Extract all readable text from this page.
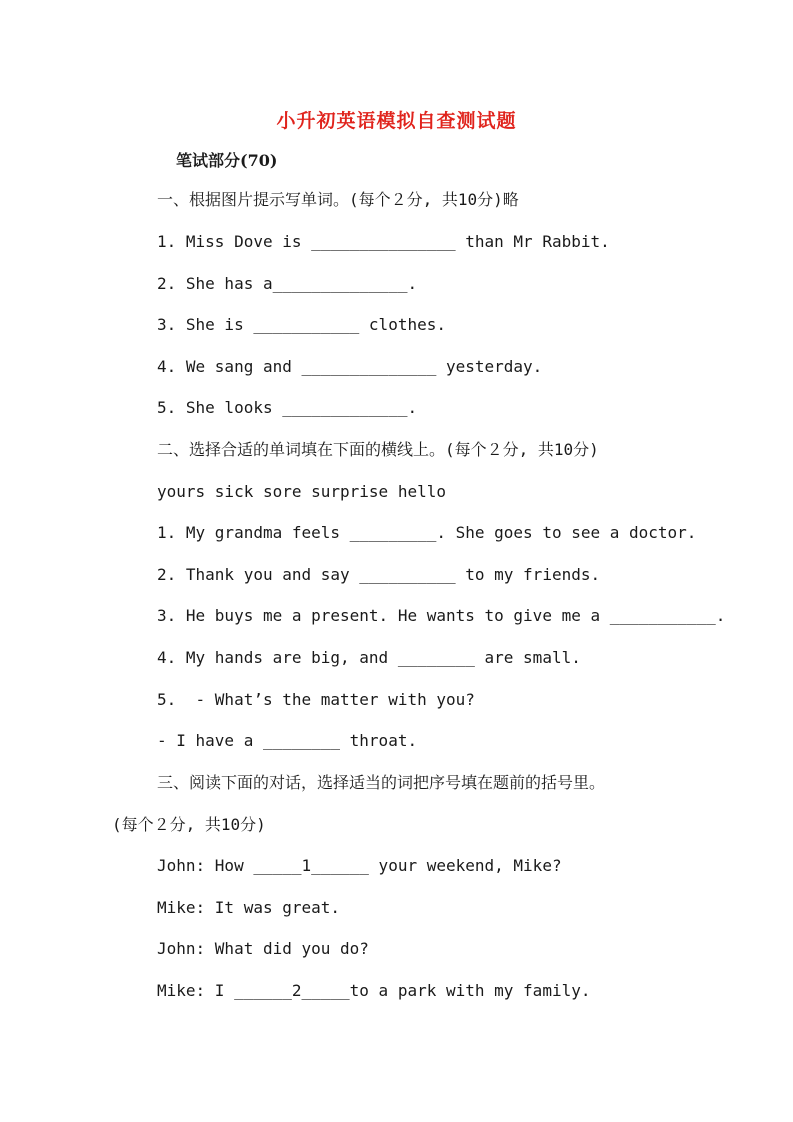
小升初英语模拟自查测试题
笔试部分(70)
一、根据图片提示写单词。(每个２分, 共10分)略
1. Miss Dove is _______________ than Mr Rabbit.
2. She has a______________.
3. She is ___________ clothes.
4. We sang and ______________ yesterday.
5. She looks _____________.
二、选择合适的单词填在下面的横线上。(每个２分, 共10分)
yours sick sore surprise hello
1. My grandma feels _________. She goes to see a doctor.
2. Thank you and say __________ to my friends.
3. He buys me a present. He wants to give me a ___________.
4. My hands are big, and ________ are small.
5.  - What’s the matter with you?
- I have a ________ throat.
三、阅读下面的对话，选择适当的词把序号填在题前的括号里。
(每个２分, 共10分)
John: How _____1______ your weekend, Mike?
Mike: It was great.
John: What did you do?
Mike: I ______2_____to a park with my family.
